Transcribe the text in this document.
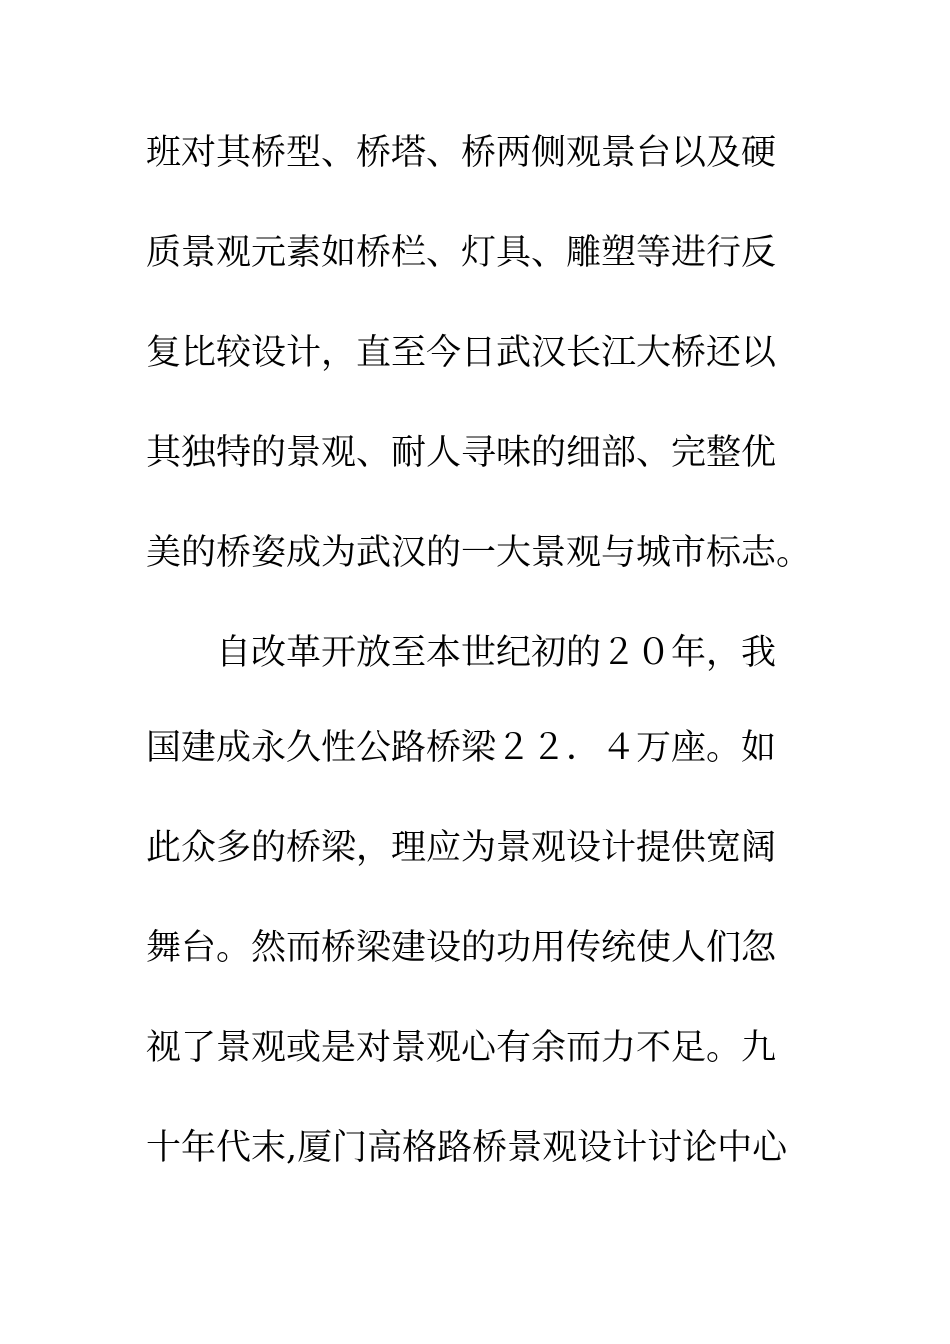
班对其桥型、桥塔、桥两侧观景台以及硬
质景观元素如桥栏、灯具、雕塑等进行反
复比较设计，直至今日武汉长江大桥还以
其独特的景观、耐人寻味的细部、完整优
美的桥姿成为武汉的一大景观与城市标志。
自改革开放至本世纪初的２０年，我
国建成永久性公路桥梁２２．４万座。如
此众多的桥梁，理应为景观设计提供宽阔
舞台。然而桥梁建设的功用传统使人们忽
视了景观或是对景观心有余而力不足。九
十年代末,厦门高格路桥景观设计讨论中心
